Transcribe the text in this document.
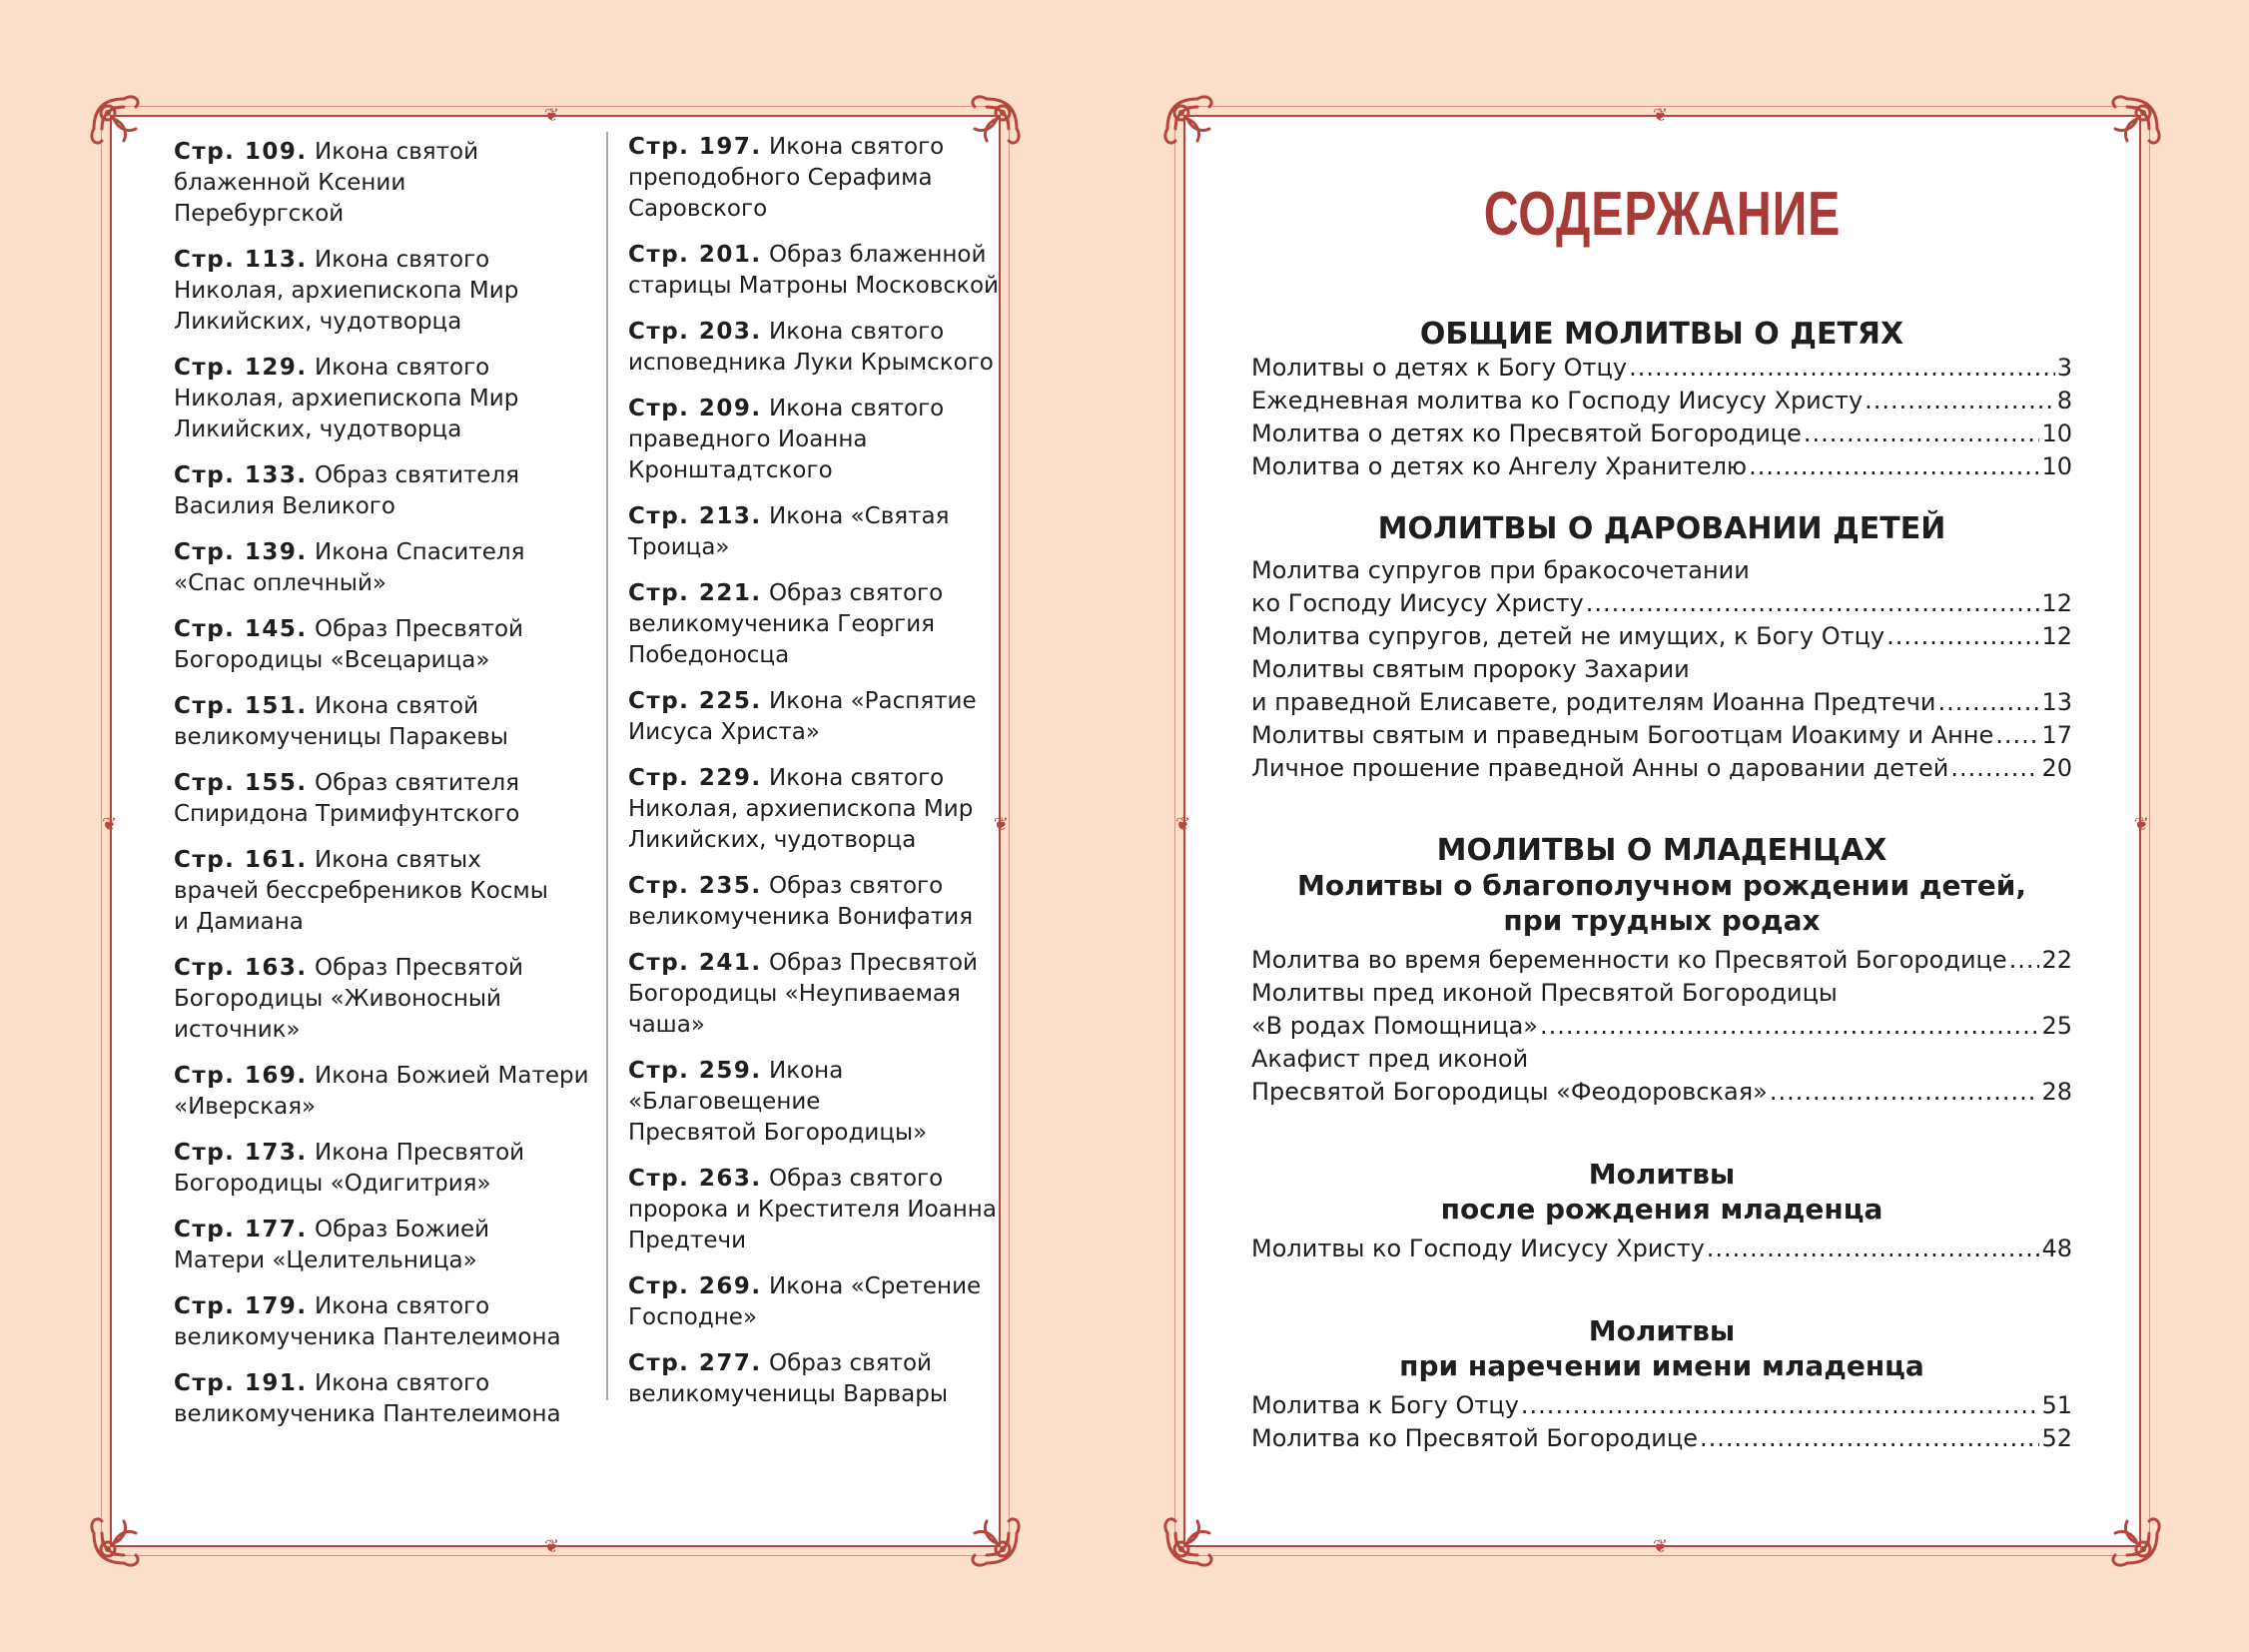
❦
❦
❦	❦
Стр. 109. Икона святой
блаженной Ксении
Перебургской
Стр. 113. Икона святого
Николая, архиепископа Мир
Ликийских, чудотворца
Стр. 129. Икона святого
Николая, архиепископа Мир
Ликийских, чудотворца
Стр. 133. Образ святителя
Василия Великого
Стр. 139. Икона Спасителя
«Спас оплечный»
Стр. 145. Образ Пресвятой
Богородицы «Всецарица»
Стр. 151. Икона святой
великомученицы Паракевы
Стр. 155. Образ святителя
Спиридона Тримифунтского
Стр. 161. Икона святых
врачей бессребреников Космы
и Дамиана
Стр. 163. Образ Пресвятой
Богородицы «Живоносный
источник»
Стр. 169. Икона Божией Матери
«Иверская»
Стр. 173. Икона Пресвятой
Богородицы «Одигитрия»
Стр. 177. Образ Божией
Матери «Целительница»
Стр. 179. Икона святого
великомученика Пантелеимона
Стр. 191. Икона святого
великомученика Пантелеимона
Стр. 197. Икона святого
преподобного Серафима
Саровского
Стр. 201. Образ блаженной
старицы Матроны Московской
Стр. 203. Икона святого
исповедника Луки Крымского
Стр. 209. Икона святого
праведного Иоанна
Кронштадтского
Стр. 213. Икона «Святая
Троица»
Стр. 221. Образ святого
великомученика Георгия
Победоносца
Стр. 225. Икона «Распятие
Иисуса Христа»
Стр. 229. Икона святого
Николая, архиепископа Мир
Ликийских, чудотворца
Стр. 235. Образ святого
великомученика Вонифатия
Стр. 241. Образ Пресвятой
Богородицы «Неупиваемая
чаша»
Стр. 259. Икона «Благовещение
Пресвятой Богородицы»
Стр. 263. Образ святого
пророка и Крестителя Иоанна
Предтечи
Стр. 269. Икона «Сретение
Господне»
Стр. 277. Образ святой
великомученицы Варвары
❦
❦
❦	❦
СОДЕРЖАНИЕ
ОБЩИЕ МОЛИТВЫ О ДЕТЯХ
Молитвы о детях к Богу Отцу .....	3
Ежедневная молитва ко Господу Иисусу Христу .....	8
Молитва о детях ко Пресвятой Богородице .....	10
Молитва о детях ко Ангелу Хранителю .....	10
МОЛИТВЫ О ДАРОВАНИИ ДЕТЕЙ
Молитва супругов при бракосочетании
ко Господу Иисусу Христу .....	12
Молитва супругов, детей не имущих, к Богу Отцу .....	12
Молитвы святым пророку Захарии
и праведной Елисавете, родителям Иоанна Предтечи .....	13
Молитвы святым и праведным Богоотцам Иоакиму и Анне ..... 17
Личное прошение праведной Анны о даровании детей .....	20
МОЛИТВЫ О МЛАДЕНЦАХ
Молитвы о благополучном рождении детей,
при трудных родах
Молитва во время беременности ко Пресвятой Богородице ..... 22
Молитвы пред иконой Пресвятой Богородицы
«В родах Помощница» .....	25
Акафист пред иконой
Пресвятой Богородицы «Феодоровская» .....	28
Молитвы
после рождения младенца
Молитвы ко Господу Иисусу Христу .....	48
Молитвы
при наречении имени младенца
Молитва к Богу Отцу .....	51
Молитва ко Пресвятой Богородице .....	52
